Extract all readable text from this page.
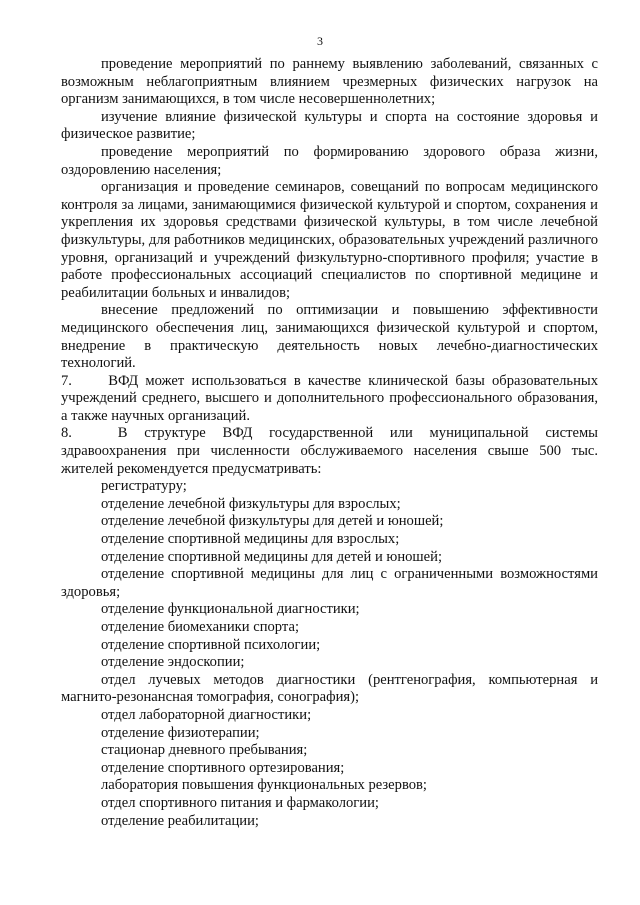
3

проведение мероприятий по раннему выявлению заболеваний, связанных с возможным неблагоприятным влиянием чрезмерных физических нагрузок на организм занимающихся, в том числе несовершеннолетних;

изучение влияние физической культуры и спорта на состояние здоровья и физическое развитие;

проведение мероприятий по формированию здорового образа жизни, оздоровлению населения;

организация и проведение семинаров, совещаний по вопросам медицинского контроля за лицами, занимающимися физической культурой и спортом, сохранения и укрепления их здоровья средствами физической культуры, в том числе лечебной физкультуры, для работников медицинских, образовательных учреждений различного уровня, организаций и учреждений физкультурно-спортивного профиля; участие в работе профессиональных ассоциаций специалистов по спортивной медицине и реабилитации больных и инвалидов;

внесение предложений по оптимизации и повышению эффективности медицинского обеспечения лиц, занимающихся физической культурой и спортом, внедрение в практическую деятельность новых лечебно-диагностических технологий.

7. ВФД может использоваться в качестве клинической базы образовательных учреждений среднего, высшего и дополнительного профессионального образования, а также научных организаций.

8.	В структуре ВФД государственной или муниципальной системы здравоохранения при численности обслуживаемого населения свыше 500 тыс. жителей рекомендуется предусматривать:

регистратуру;

отделение лечебной физкультуры для взрослых;

отделение лечебной физкультуры для детей и юношей;

отделение спортивной медицины для взрослых;

отделение спортивной медицины для детей и юношей;

отделение спортивной медицины для лиц с ограниченными возможностями здоровья;

отделение функциональной диагностики;

отделение биомеханики спорта;

отделение спортивной психологии;

отделение эндоскопии;

отдел лучевых методов диагностики (рентгенография, компьютерная и магнито-резонансная томография, сонография);

отдел лабораторной диагностики;

отделение физиотерапии;

стационар дневного пребывания;

отделение спортивного ортезирования;

лаборатория повышения функциональных резервов;

отдел спортивного питания и фармакологии;

отделение реабилитации;
